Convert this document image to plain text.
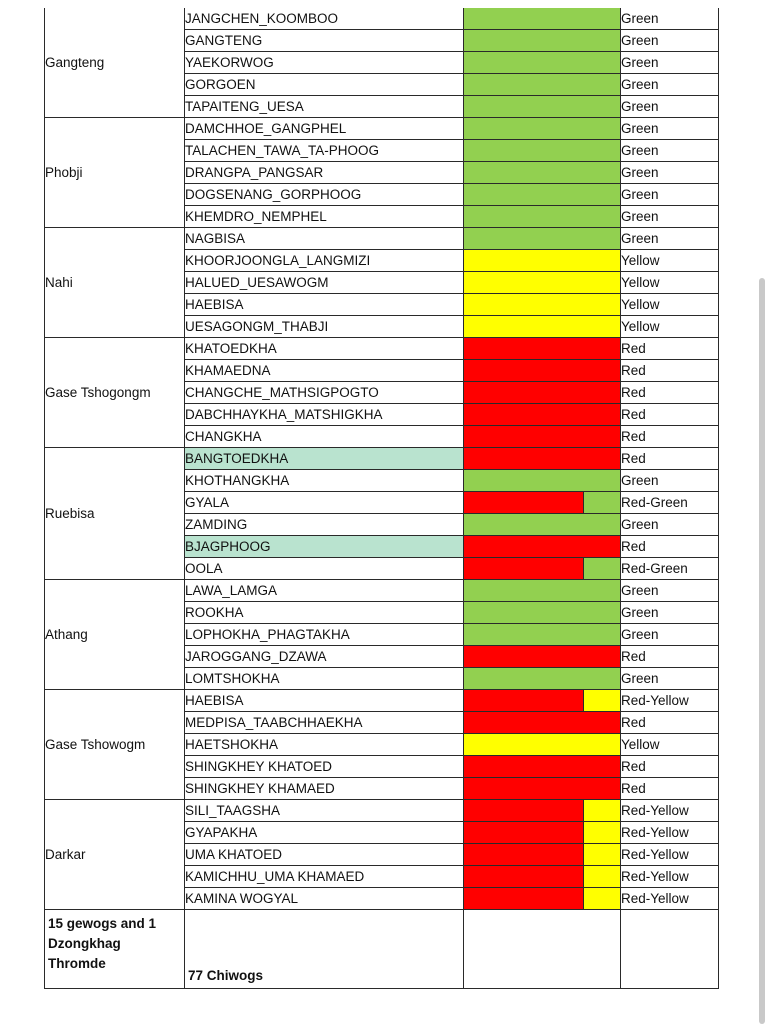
Gangteng	JANGCHEN_KOOMBOO		Green
	GANGTENG		Green
	YAEKORWOG		Green
	GORGOEN		Green
	TAPAITENG_UESA		Green
Phobji	DAMCHHOE_GANGPHEL		Green
	TALACHEN_TAWA_TA-PHOOG		Green
	DRANGPA_PANGSAR		Green
	DOGSENANG_GORPHOOG		Green
	KHEMDRO_NEMPHEL		Green
Nahi	NAGBISA		Green
	KHOORJOONGLA_LANGMIZI		Yellow
	HALUED_UESAWOGM		Yellow
	HAEBISA		Yellow
	UESAGONGM_THABJI		Yellow
Gase Tshogongm	KHATOEDKHA		Red
	KHAMAEDNA		Red
	CHANGCHE_MATHSIGPOGTO		Red
	DABCHHAYKHA_MATSHIGKHA		Red
	CHANGKHA		Red
Ruebisa	BANGTOEDKHA		Red
	KHOTHANGKHA		Green
	GYALA		Red-Green
	ZAMDING		Green
	BJAGPHOOG		Red
	OOLA		Red-Green
Athang	LAWA_LAMGA		Green
	ROOKHA		Green
	LOPHOKHA_PHAGTAKHA		Green
	JAROGGANG_DZAWA		Red
	LOMTSHOKHA		Green
Gase Tshowogm	HAEBISA		Red-Yellow
	MEDPISA_TAABCHHAEKHA		Red
	HAETSHOKHA		Yellow
	SHINGKHEY KHATOED		Red
	SHINGKHEY KHAMAED		Red
Darkar	SILI_TAAGSHA		Red-Yellow
	GYAPAKHA		Red-Yellow
	UMA KHATOED		Red-Yellow
	KAMICHHU_UMA KHAMAED		Red-Yellow
	KAMINA WOGYAL		Red-Yellow
15 gewogs and 1 Dzongkhag Thromde	77 Chiwogs		
